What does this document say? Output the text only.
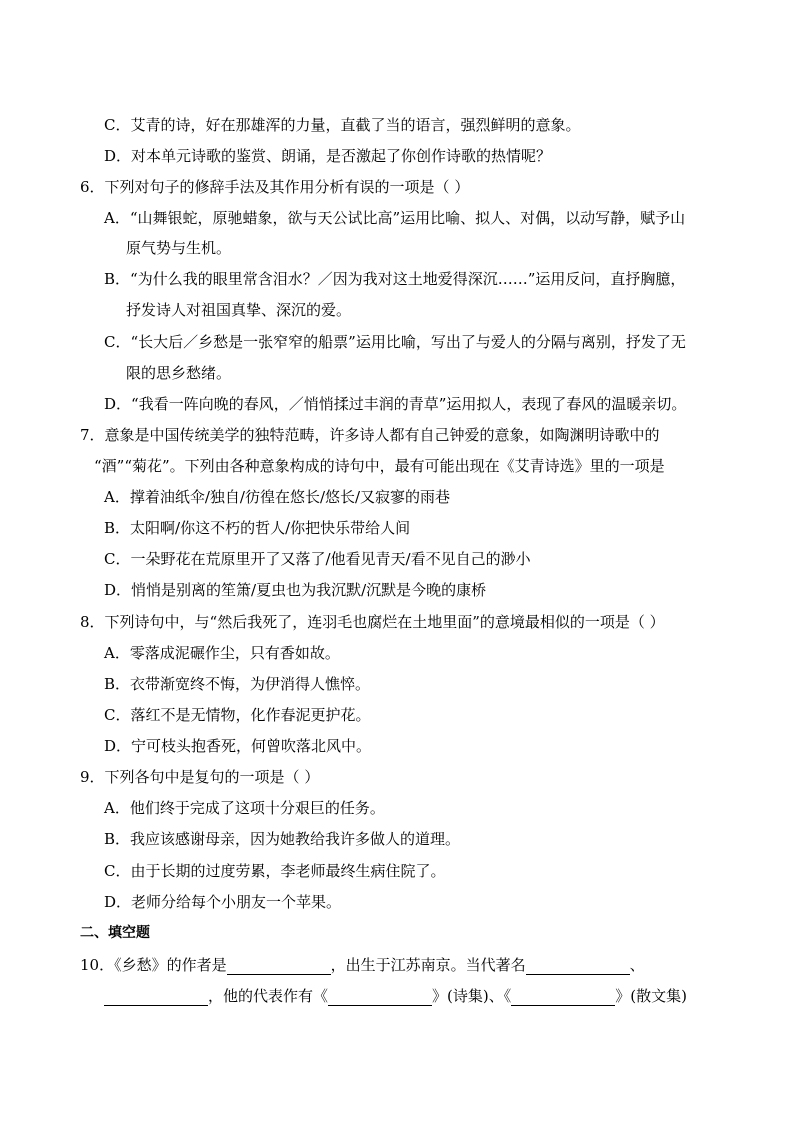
C．艾青的诗，好在那雄浑的力量，直截了当的语言，强烈鲜明的意象。
D．对本单元诗歌的鉴赏、朗诵，是否激起了你创作诗歌的热情呢？
6．下列对句子的修辞手法及其作用分析有误的一项是（ ）
A．“山舞银蛇，原驰蜡象，欲与天公试比高”运用比喻、拟人、对偶，以动写静，赋予山
原气势与生机。
B．“为什么我的眼里常含泪水？／因为我对这土地爱得深沉……”运用反问，直抒胸臆，
抒发诗人对祖国真挚、深沉的爱。
C．“长大后／乡愁是一张窄窄的船票”运用比喻，写出了与爱人的分隔与离别，抒发了无
限的思乡愁绪。
D．“我看一阵向晚的春风，／悄悄揉过丰润的青草”运用拟人，表现了春风的温暖亲切。
7．意象是中国传统美学的独特范畴，许多诗人都有自己钟爱的意象，如陶渊明诗歌中的
“酒”“菊花”。下列由各种意象构成的诗句中，最有可能出现在《艾青诗选》里的一项是
A．撑着油纸伞/独自/彷徨在悠长/悠长/又寂寥的雨巷
B．太阳啊/你这不朽的哲人/你把快乐带给人间
C．一朵野花在荒原里开了又落了/他看见青天/看不见自己的渺小
D．悄悄是别离的笙箫/夏虫也为我沉默/沉默是今晚的康桥
8．下列诗句中，与“然后我死了，连羽毛也腐烂在土地里面”的意境最相似的一项是（ ）
A．零落成泥碾作尘，只有香如故。
B．衣带渐宽终不悔，为伊消得人憔悴。
C．落红不是无情物，化作春泥更护花。
D．宁可枝头抱香死，何曾吹落北风中。
9．下列各句中是复句的一项是（ ）
A．他们终于完成了这项十分艰巨的任务。
B．我应该感谢母亲，因为她教给我许多做人的道理。
C．由于长期的过度劳累，李老师最终生病住院了。
D．老师分给每个小朋友一个苹果。
二、填空题
10．《乡愁》的作者是	，出生于江苏南京。当代著名	、
，他的代表作有《	》(诗集)、《	》(散文集)
